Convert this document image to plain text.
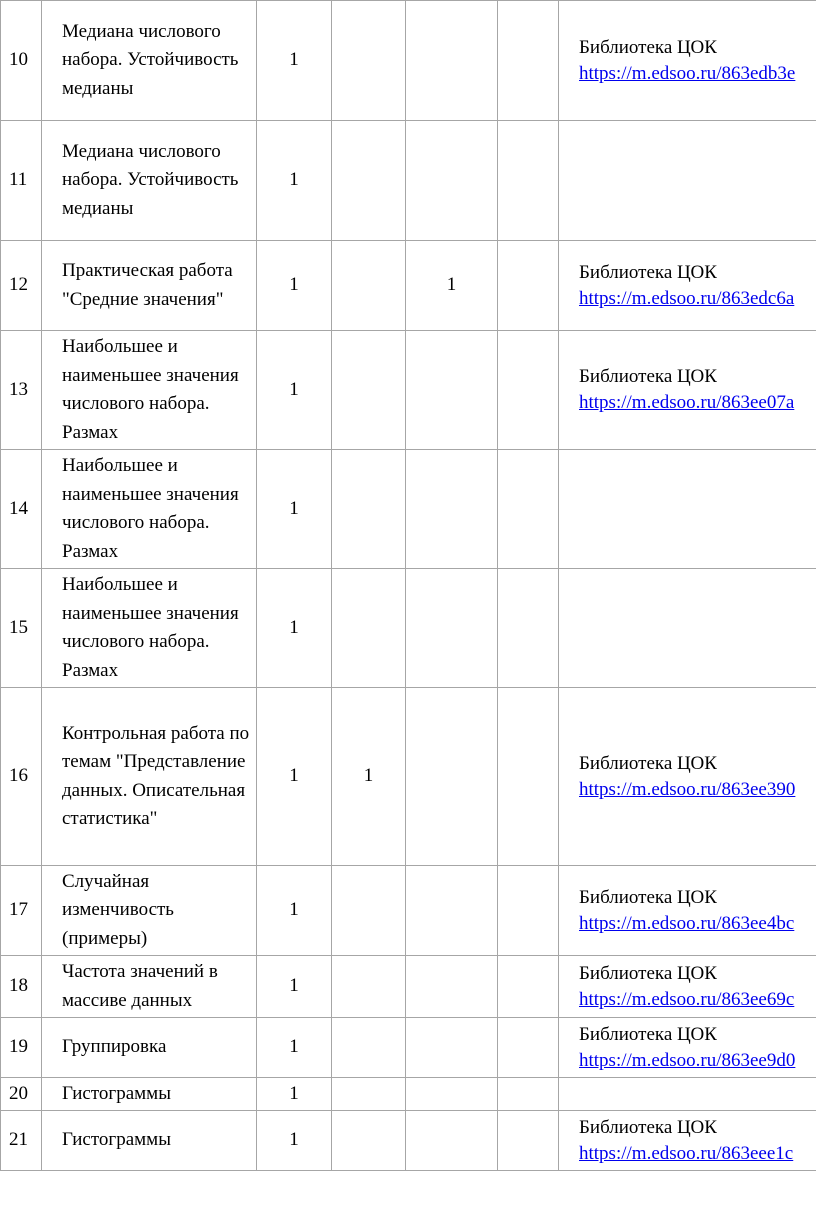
10	Медиана числового набора. Устойчивость медианы	1				Библиотека ЦОК
https://m.edsoo.ru/863edb3e

11	Медиана числового набора. Устойчивость медианы	1				

12	Практическая работа "Средние значения"	1		1		Библиотека ЦОК
https://m.edsoo.ru/863edc6a

13	Наибольшее и наименьшее значения числового набора. Размах	1				Библиотека ЦОК
https://m.edsoo.ru/863ee07a

14	Наибольшее и наименьшее значения числового набора. Размах	1				

15	Наибольшее и наименьшее значения числового набора. Размах	1				

16	Контрольная работа по темам "Представление данных. Описательная статистика"	1	1			Библиотека ЦОК
https://m.edsoo.ru/863ee390

17	Случайная изменчивость (примеры)	1				Библиотека ЦОК
https://m.edsoo.ru/863ee4bc

18	Частота значений в массиве данных	1				Библиотека ЦОК
https://m.edsoo.ru/863ee69c

19	Группировка	1				Библиотека ЦОК
https://m.edsoo.ru/863ee9d0

20	Гистограммы	1				

21	Гистограммы	1				Библиотека ЦОК
https://m.edsoo.ru/863eee1c
